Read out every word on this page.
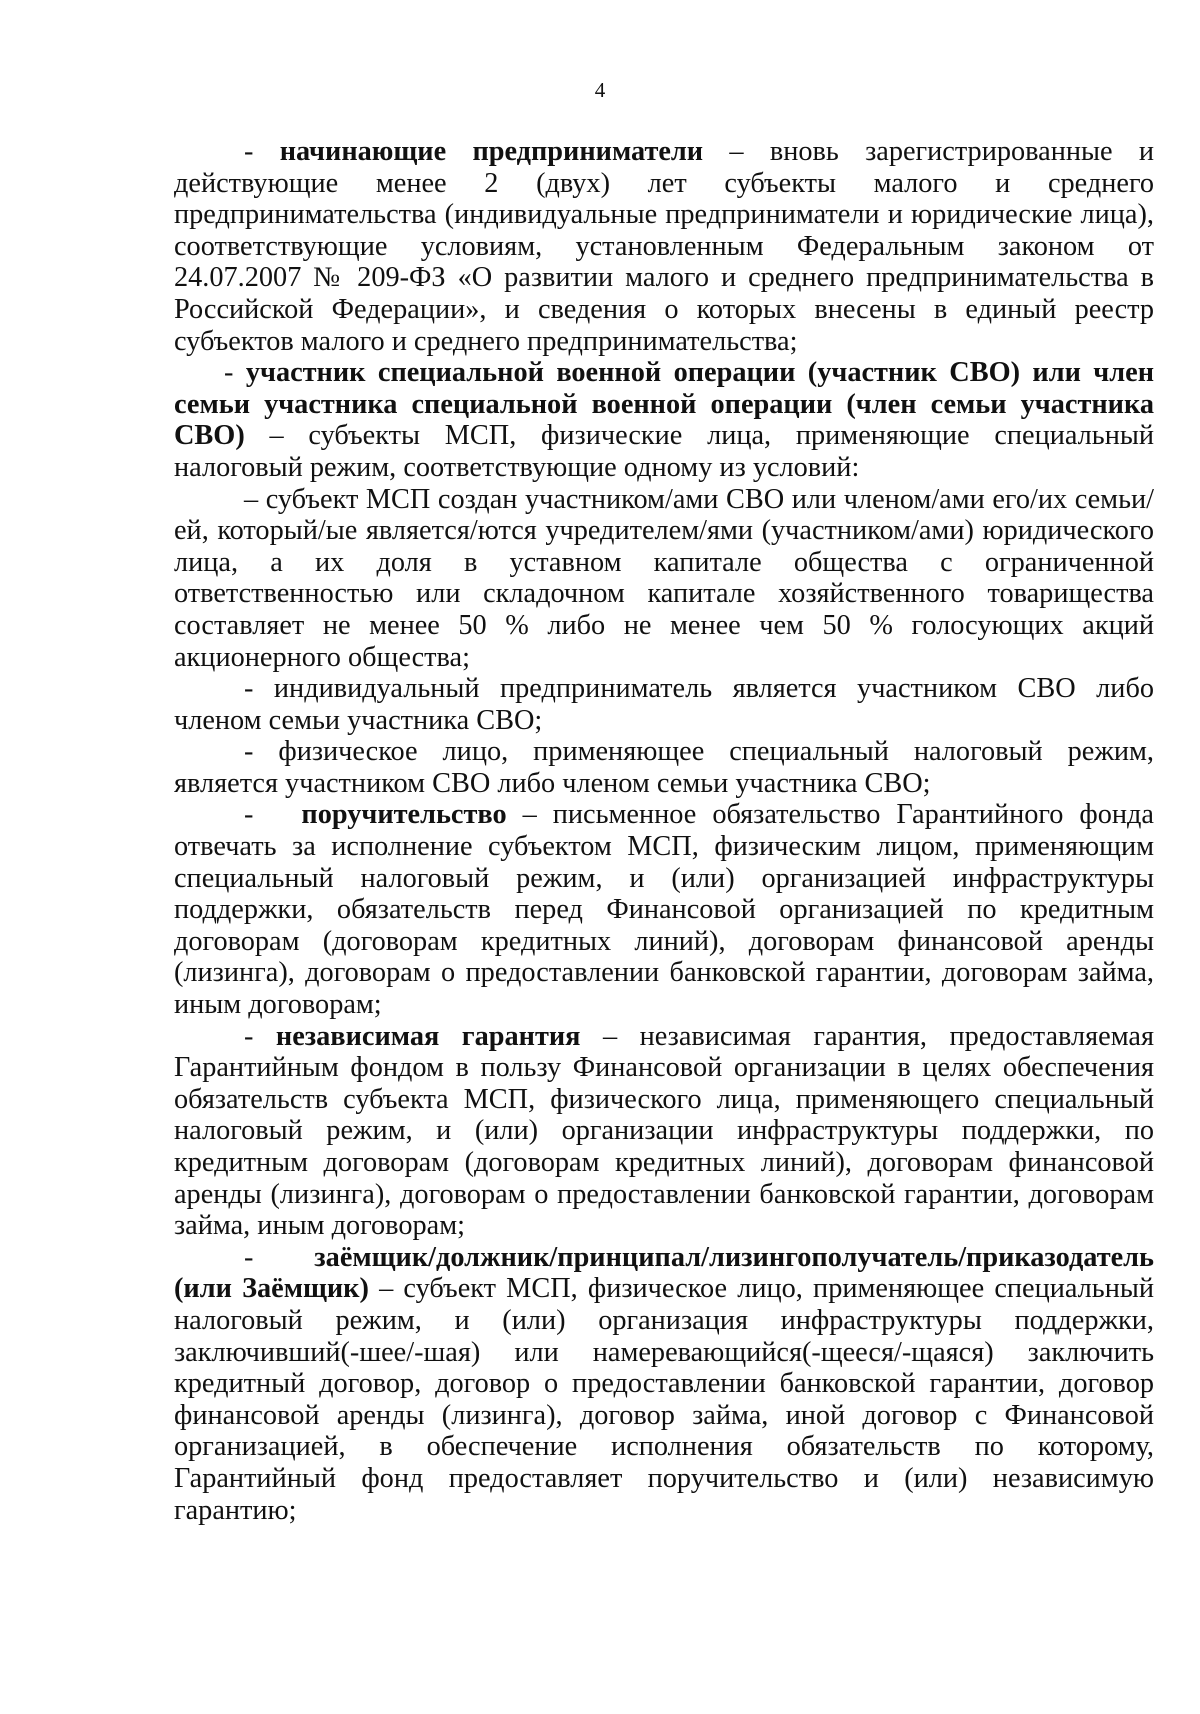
4

- начинающие предприниматели – вновь зарегистрированные и действующие менее 2 (двух) лет субъекты малого и среднего предпринимательства (индивидуальные предприниматели и юридические лица), соответствующие условиям, установленным Федеральным законом от 24.07.2007 № 209-ФЗ «О развитии малого и среднего предпринимательства в Российской Федерации», и сведения о которых внесены в единый реестр субъектов малого и среднего предпринимательства;

- участник специальной военной операции (участник СВО) или член семьи участника специальной военной операции (член семьи участника СВО) – субъекты МСП, физические лица, применяющие специальный налоговый режим, соответствующие одному из условий:

– субъект МСП создан участником/ами СВО или членом/ами его/их семьи/ей, который/ые является/ются учредителем/ями (участником/ами) юридического лица, а их доля в уставном капитале общества с ограниченной ответственностью или складочном капитале хозяйственного товарищества составляет не менее 50 % либо не менее чем 50 % голосующих акций акционерного общества;

- индивидуальный предприниматель является участником СВО либо членом семьи участника СВО;

- физическое лицо, применяющее специальный налоговый режим, является участником СВО либо членом семьи участника СВО;

-   поручительство – письменное обязательство Гарантийного фонда отвечать за исполнение субъектом МСП, физическим лицом, применяющим специальный налоговый режим, и (или) организацией инфраструктуры поддержки, обязательств перед Финансовой организацией по кредитным договорам (договорам кредитных линий), договорам финансовой аренды (лизинга), договорам о предоставлении банковской гарантии, договорам займа, иным договорам;

- независимая гарантия – независимая гарантия, предоставляемая Гарантийным фондом в пользу Финансовой организации в целях обеспечения обязательств субъекта МСП, физического лица, применяющего специальный налоговый режим, и (или) организации инфраструктуры поддержки, по кредитным договорам (договорам кредитных линий), договорам финансовой аренды (лизинга), договорам о предоставлении банковской гарантии, договорам займа, иным договорам;

-      заёмщик/должник/принципал/лизингополучатель/приказодатель (или Заёмщик) – субъект МСП, физическое лицо, применяющее специальный налоговый режим, и (или) организация инфраструктуры поддержки, заключивший(-шее/-шая) или намеревающийся(-щееся/-щаяся) заключить кредитный договор, договор о предоставлении банковской гарантии, договор финансовой аренды (лизинга), договор займа, иной договор с Финансовой организацией, в обеспечение исполнения обязательств по которому, Гарантийный фонд предоставляет поручительство и (или) независимую гарантию;
